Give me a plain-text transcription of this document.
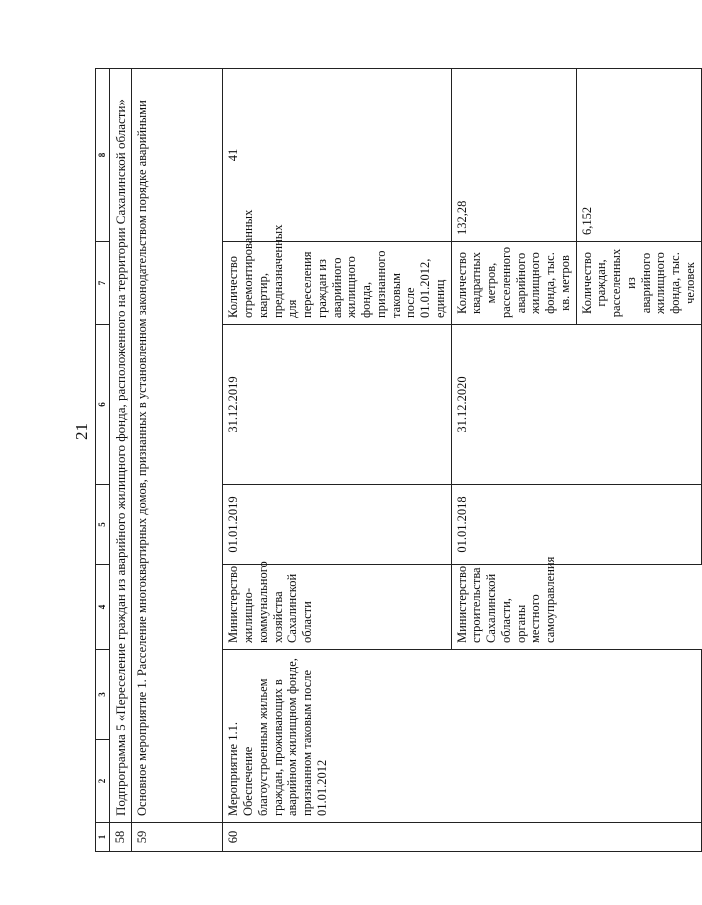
21
1	2	3	4	5	6	7	8	
58	Подпрограмма 5 «Переселение граждан из аварийного жилищного фонда, расположенного на территории Сахалинской области»							
59	Основное мероприятие 1. Расселение многоквартирных домов, признанных в установленном законодательством порядке аварийными							
60	Мероприятие 1.1. Обеспечение благоустроенным жильем граждан, проживающих в аварийном жилищном фонде, признанном таковым после 01.01.2012		Министерство жилищно-коммунального хозяйства Сахалинской области	01.01.2019	31.12.2019	Количество отремонтированных квартир, предназначенных для переселения граждан из аварийного жилищного фонда, признанного таковым после 01.01.2012, единиц	41	
			Министерство строительства Сахалинской области, органы местного самоуправления	01.01.2018	31.12.2020	Количество квадратных метров, расселенного аварийного жилищного фонда, тыс. кв. метров	132,28	
						Количество граждан, расселенных из аварийного жилищного фонда, тыс. человек	6,152	
